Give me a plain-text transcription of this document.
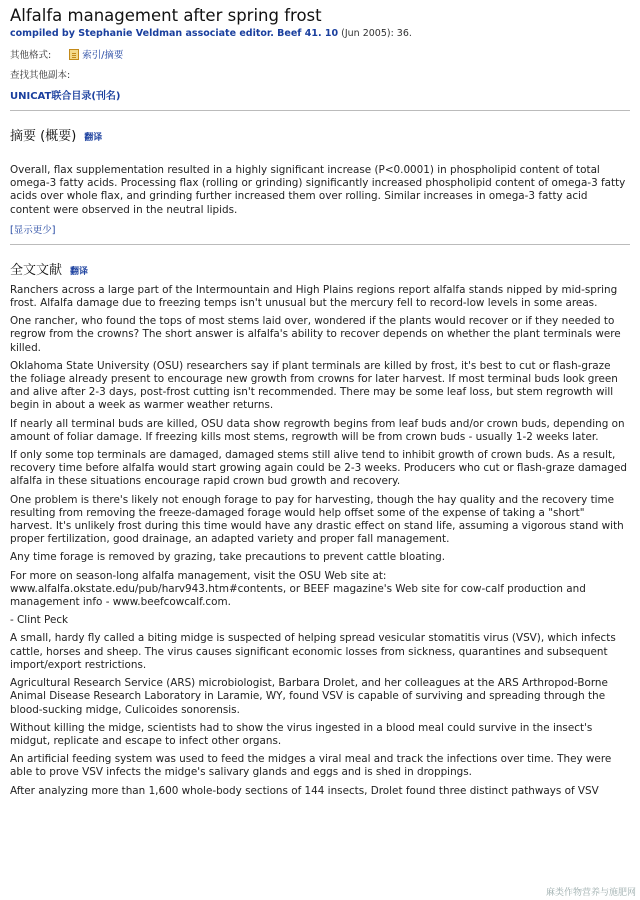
Alfalfa management after spring frost
compiled by Stephanie Veldman associate editor. Beef 41. 10 (Jun 2005): 36.
其他格式:	索引/摘要
查找其他副本:
UNICAT联合目录(刊名)
摘要 (概要) 翻译

Overall, flax supplementation resulted in a highly significant increase (P<0.0001) in phospholipid content of total omega-3 fatty acids. Processing flax (rolling or grinding) significantly increased phospholipid content of omega-3 fatty acids over whole flax, and grinding further increased them over rolling. Similar increases in omega-3 fatty acid content were observed in the neutral lipids.

[显示更少]
全文文献 翻译

Ranchers across a large part of the Intermountain and High Plains regions report alfalfa stands nipped by mid-spring frost. Alfalfa damage due to freezing temps isn't unusual but the mercury fell to record-low levels in some areas.

One rancher, who found the tops of most stems laid over, wondered if the plants would recover or if they needed to regrow from the crowns? The short answer is alfalfa's ability to recover depends on whether the plant terminals were killed.

Oklahoma State University (OSU) researchers say if plant terminals are killed by frost, it's best to cut or flash-graze the foliage already present to encourage new growth from crowns for later harvest. If most terminal buds look green and alive after 2-3 days, post-frost cutting isn't recommended. There may be some leaf loss, but stem regrowth will begin in about a week as warmer weather returns.

If nearly all terminal buds are killed, OSU data show regrowth begins from leaf buds and/or crown buds, depending on amount of foliar damage. If freezing kills most stems, regrowth will be from crown buds - usually 1-2 weeks later.

If only some top terminals are damaged, damaged stems still alive tend to inhibit growth of crown buds. As a result, recovery time before alfalfa would start growing again could be 2-3 weeks. Producers who cut or flash-graze damaged alfalfa in these situations encourage rapid crown bud growth and recovery.

One problem is there's likely not enough forage to pay for harvesting, though the hay quality and the recovery time resulting from removing the freeze-damaged forage would help offset some of the expense of taking a "short" harvest. It's unlikely frost during this time would have any drastic effect on stand life, assuming a vigorous stand with proper fertilization, good drainage, an adapted variety and proper fall management.

Any time forage is removed by grazing, take precautions to prevent cattle bloating.

For more on season-long alfalfa management, visit the OSU Web site at: www.alfalfa.okstate.edu/pub/harv943.htm#contents, or BEEF magazine's Web site for cow-calf production and management info - www.beefcowcalf.com.

- Clint Peck

A small, hardy fly called a biting midge is suspected of helping spread vesicular stomatitis virus (VSV), which infects cattle, horses and sheep. The virus causes significant economic losses from sickness, quarantines and subsequent import/export restrictions.

Agricultural Research Service (ARS) microbiologist, Barbara Drolet, and her colleagues at the ARS Arthropod-Borne Animal Disease Research Laboratory in Laramie, WY, found VSV is capable of surviving and spreading through the blood-sucking midge, Culicoides sonorensis.

Without killing the midge, scientists had to show the virus ingested in a blood meal could survive in the insect's midgut, replicate and escape to infect other organs.

An artificial feeding system was used to feed the midges a viral meal and track the infections over time. They were able to prove VSV infects the midge's salivary glands and eggs and is shed in droppings.

After analyzing more than 1,600 whole-body sections of 144 insects, Drolet found three distinct pathways of VSV

麻类作物营养与施肥网
